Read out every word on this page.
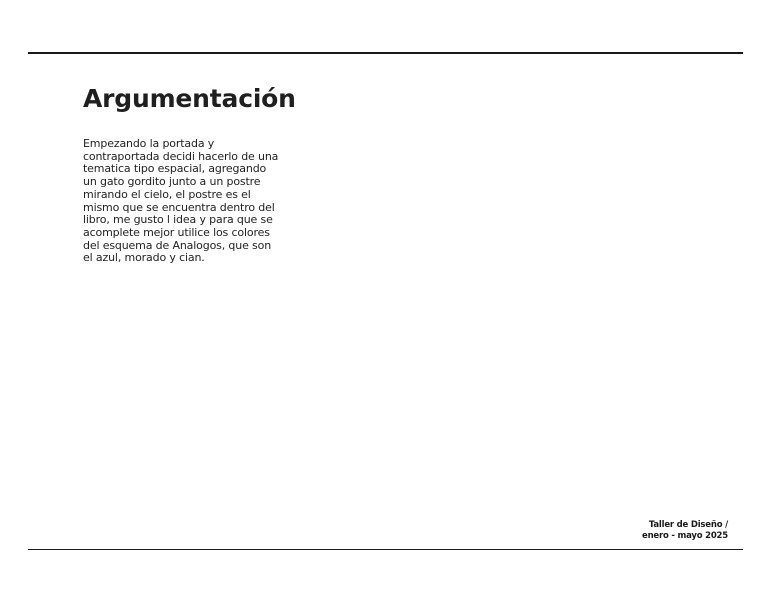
Argumentación
Empezando la portada y
contraportada decidi hacerlo de una
tematica tipo espacial, agregando
un gato gordito junto a un postre
mirando el cielo, el postre es el
mismo que se encuentra dentro del
libro, me gusto l idea y para que se
acomplete mejor utilice los colores
del esquema de Analogos, que son
el azul, morado y cian.
Taller de Diseño /
enero - mayo 2025
